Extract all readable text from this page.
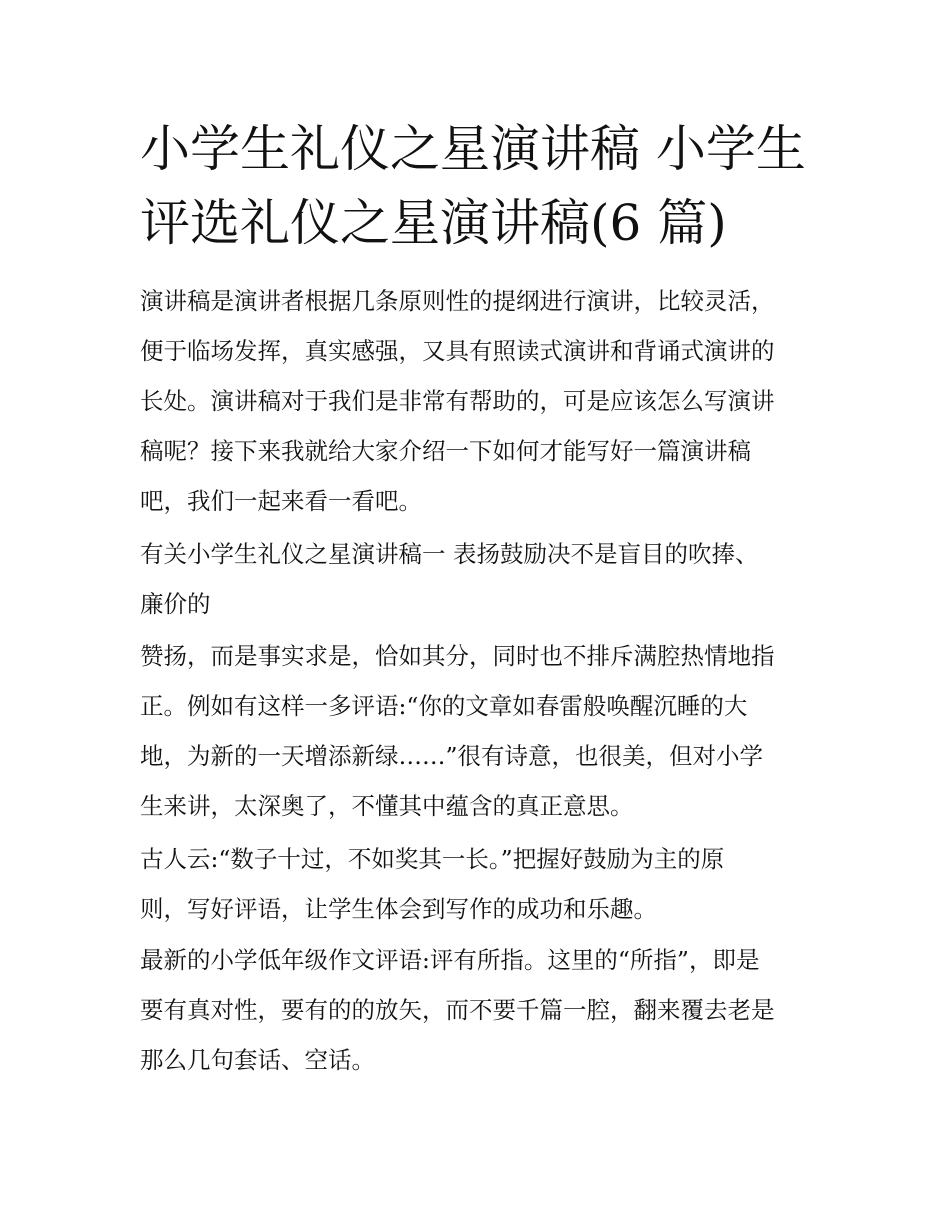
小学生礼仪之星演讲稿 小学生
评选礼仪之星演讲稿(6 篇)

演讲稿是演讲者根据几条原则性的提纲进行演讲，比较灵活，

便于临场发挥，真实感强，又具有照读式演讲和背诵式演讲的

长处。演讲稿对于我们是非常有帮助的，可是应该怎么写演讲

稿呢？接下来我就给大家介绍一下如何才能写好一篇演讲稿

吧，我们一起来看一看吧。

有关小学生礼仪之星演讲稿一 表扬鼓励决不是盲目的吹捧、

廉价的

赞扬，而是事实求是，恰如其分，同时也不排斥满腔热情地指

正。例如有这样一多评语:“你的文章如春雷般唤醒沉睡的大

地，为新的一天增添新绿……”很有诗意，也很美，但对小学

生来讲，太深奥了，不懂其中蕴含的真正意思。

古人云:“数子十过，不如奖其一长。”把握好鼓励为主的原

则，写好评语，让学生体会到写作的成功和乐趣。

最新的小学低年级作文评语:评有所指。这里的“所指”，即是

要有真对性，要有的的放矢，而不要千篇一腔，翻来覆去老是

那么几句套话、空话。
